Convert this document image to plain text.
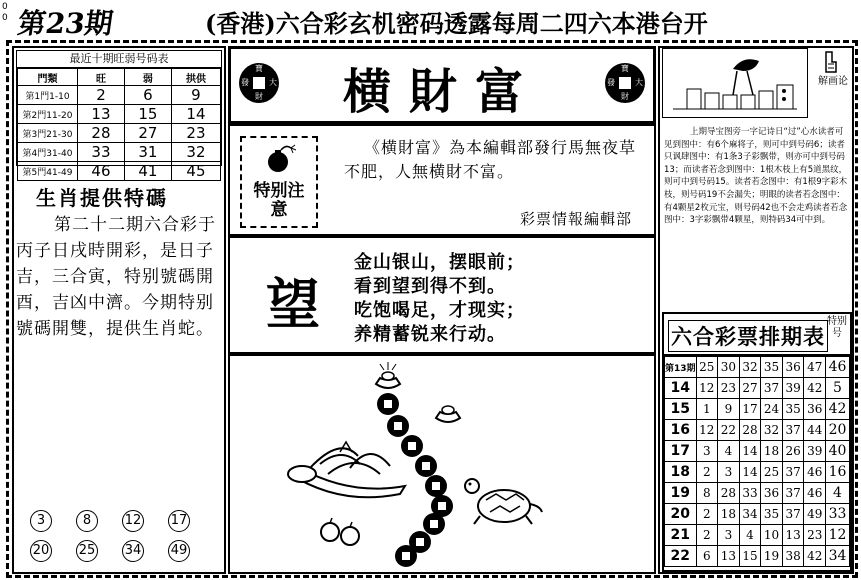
0
0 第23期	(香港)六合彩玄机密码透露每周二四六本港台开
最近十期旺弱号码表
門類	旺	弱	拱供
第1門1-10	2	6	9
第2門11-20	13	15	14
第3門21-30	28	27	23
第4門31-40	33	31	32
第5門41-49	46	41	45
生肖提供特碼
第二十二期六合彩于丙子日戌時開彩，是日子吉，三合寅，特别號碼開酉，吉凶中濟。今期特别號碼開雙，提供生肖蛇。
3	8	12 17
20 25 34 49
寶
發	大
財	横財富	寶
發	大
財
特别注意
《横財富》為本編輯部發行馬無夜草不肥，人無横財不富。
彩票情報編輯部
望
金山银山，摆眼前；
看到望到得不到。
吃饱喝足，才现实；
养精蓄锐来行动。
解画论
上期导宝图旁一字记诗日“过”心水读者可见到图中：有6个麻将子，则可中到号码6；读者只讽肆图中：有1条3子彩飘带，则亦可中到号码13；而读者若念到图中：1根木枝上有5道黑纹，则可中到号码15。读者若念图中：有1根9字彩木枝，则号码19不会漏失；明眼的读者若念图中：有4颗星2枚元宝，则号码42也不会走鸡读者若念图中：3字彩飘带4颗星，则特码34可中到。
六合彩票排期表
特别号
第13期	25	30	32	35	36	47	46
14	12	23	27	37	39	42	5
15	1	9	17	24	35	36	42
16	12	22	28	32	37	44	20
17	3	4	14	18	26	39	40
18	2	3	14	25	37	46	16
19	8	28	33	36	37	46	4
20	2	18	34	35	37	49	33
21	2	3	4	10	13	23	12
22	6	13	15	19	38	42	34
